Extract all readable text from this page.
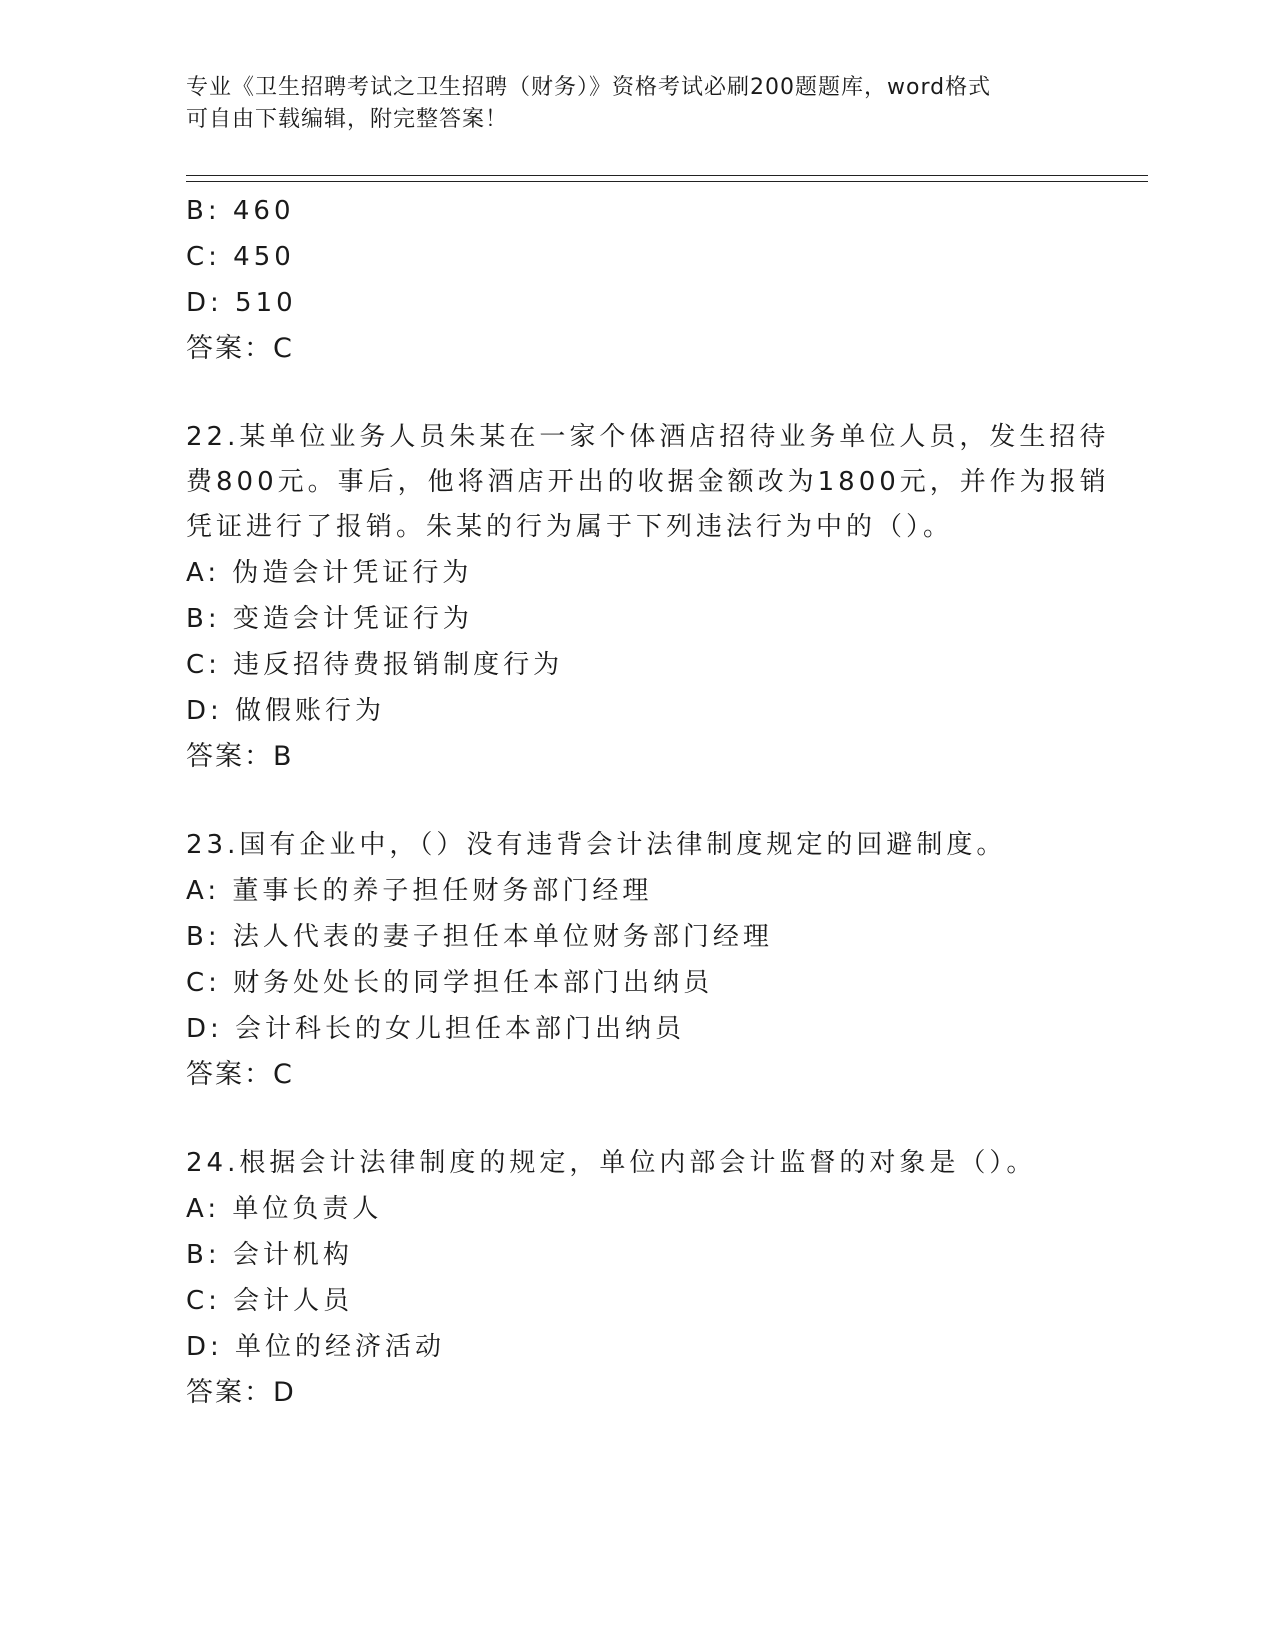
专业《卫生招聘考试之卫生招聘（财务）》资格考试必刷200题题库，word格式
可自由下载编辑，附完整答案！
B: 460
C: 450
D: 510
答案：C
22.某单位业务人员朱某在一家个体酒店招待业务单位人员，发生招待
费800元。事后，他将酒店开出的收据金额改为1800元，并作为报销
凭证进行了报销。朱某的行为属于下列违法行为中的（）。
A: 伪造会计凭证行为
B: 变造会计凭证行为
C: 违反招待费报销制度行为
D: 做假账行为
答案：B
23.国有企业中，（）没有违背会计法律制度规定的回避制度。
A: 董事长的养子担任财务部门经理
B: 法人代表的妻子担任本单位财务部门经理
C: 财务处处长的同学担任本部门出纳员
D: 会计科长的女儿担任本部门出纳员
答案：C
24.根据会计法律制度的规定，单位内部会计监督的对象是（）。
A: 单位负责人
B: 会计机构
C: 会计人员
D: 单位的经济活动
答案：D
